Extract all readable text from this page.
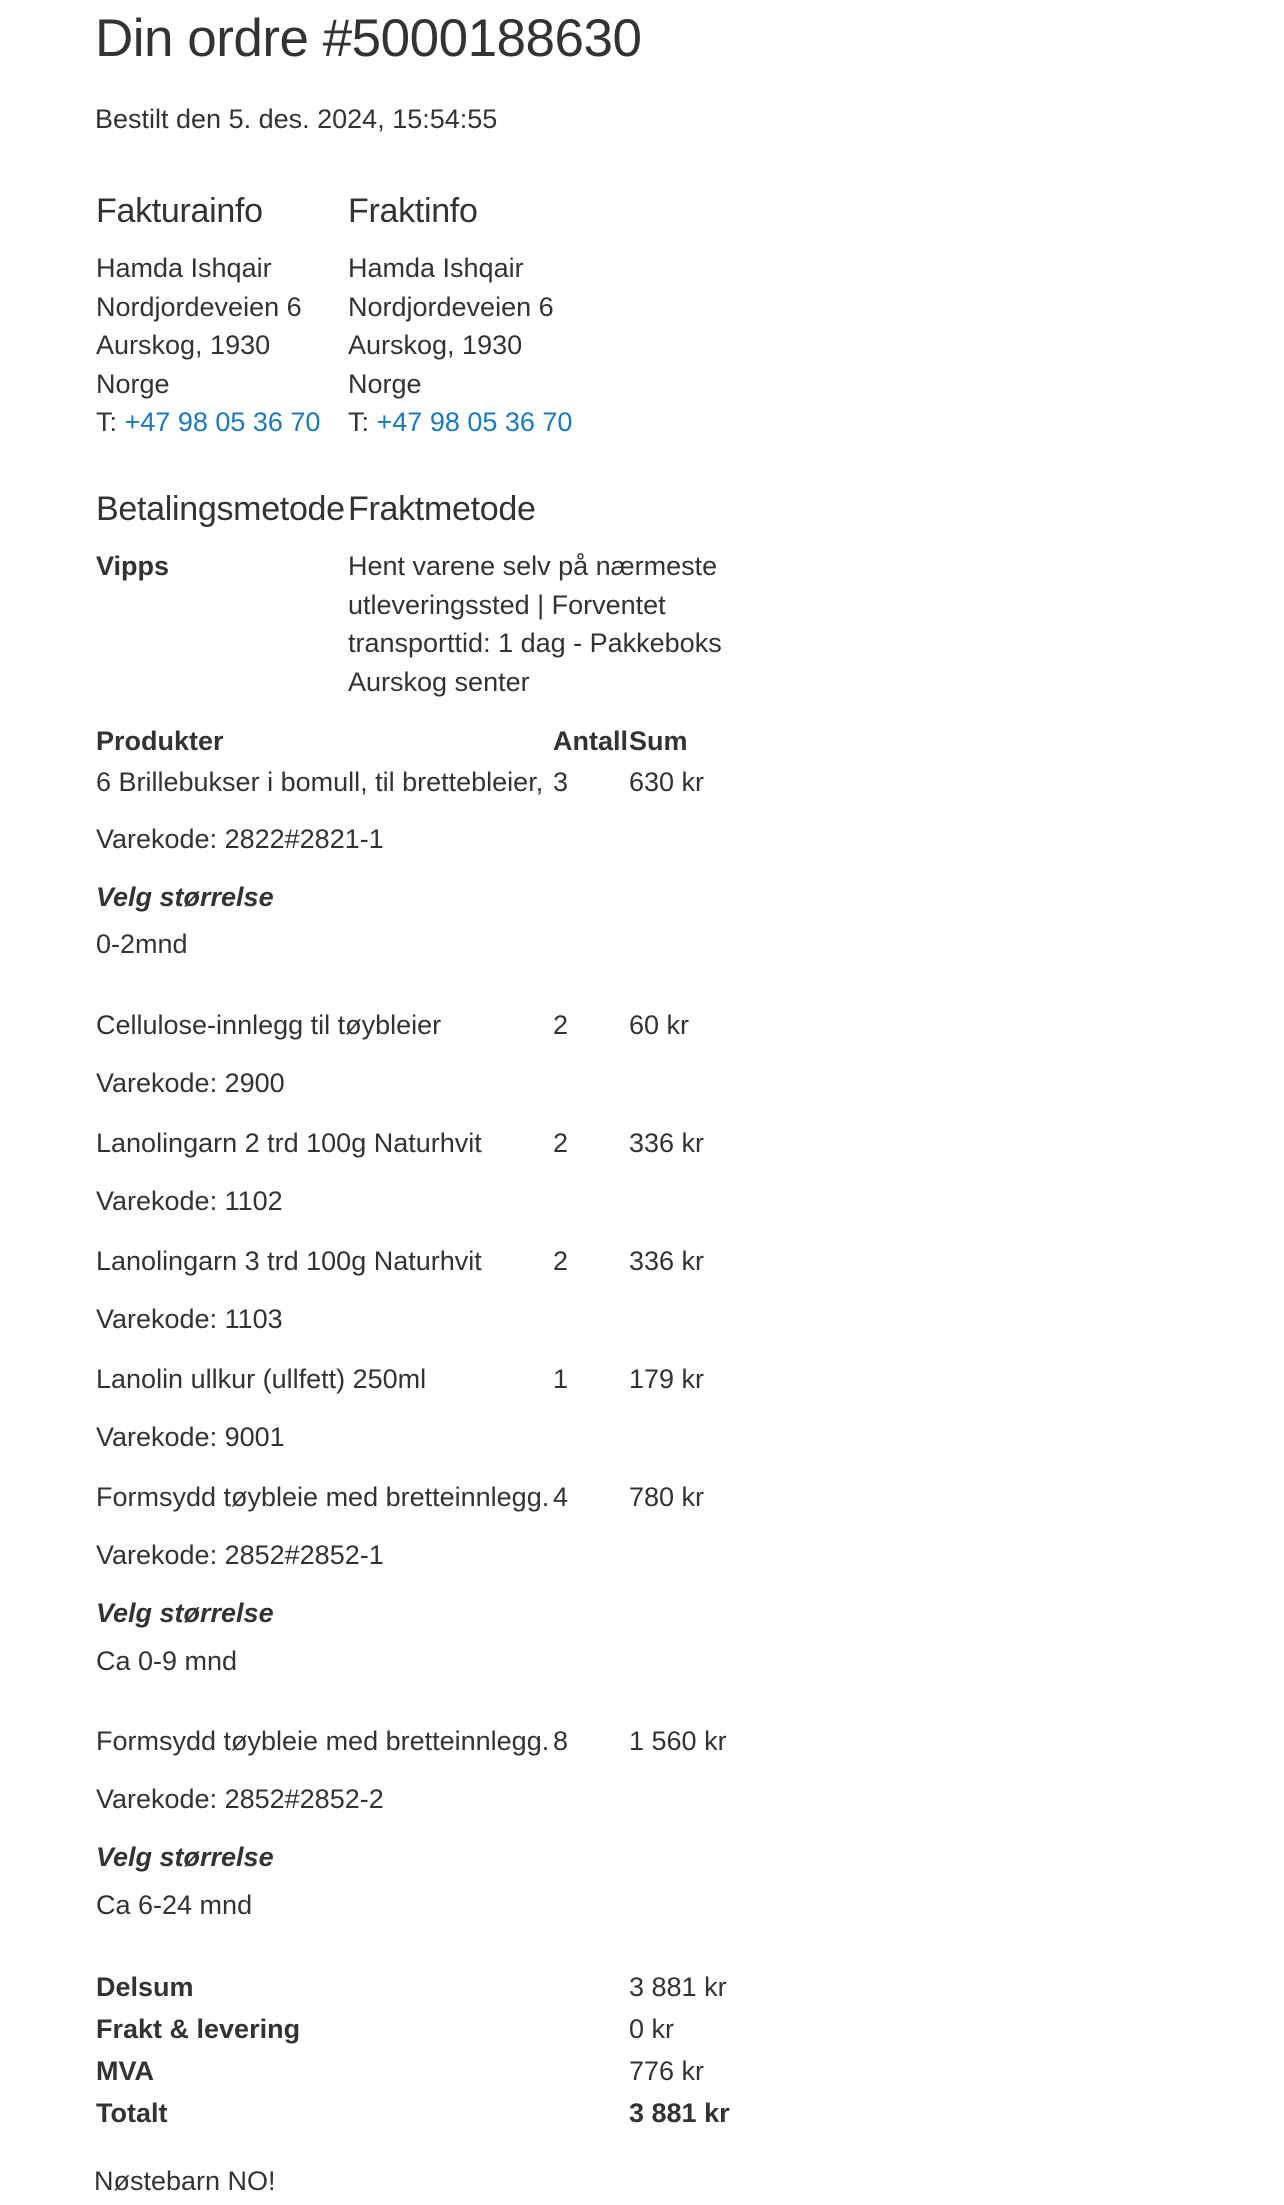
Din ordre #5000188630
Bestilt den 5. des. 2024, 15:54:55
Fakturainfo
Hamda Ishqair
Nordjordeveien 6
Aurskog, 1930
Norge
T: +47 98 05 36 70
Fraktinfo
Hamda Ishqair
Nordjordeveien 6
Aurskog, 1930
Norge
T: +47 98 05 36 70
Betalingsmetode
Vipps
Fraktmetode
Hent varene selv på nærmeste
utleveringssted | Forventet
transporttid: 1 dag - Pakkeboks
Aurskog senter
Produkter	Antall Sum
6 Brillebukser i bomull, til brettebleier, 3 630 kr
Varekode: 2822#2821-1
Velg størrelse
0-2mnd
Cellulose-innlegg til tøybleier	2 60 kr
Varekode: 2900
Lanolingarn 2 trd 100g Naturhvit	2 336 kr
Varekode: 1102
Lanolingarn 3 trd 100g Naturhvit	2 336 kr
Varekode: 1103
Lanolin ullkur (ullfett) 250ml	1 179 kr
Varekode: 9001
Formsydd tøybleie med bretteinnlegg. 4 780 kr
Varekode: 2852#2852-1
Velg størrelse
Ca 0-9 mnd
Formsydd tøybleie med bretteinnlegg. 8 1 560 kr
Varekode: 2852#2852-2
Velg størrelse
Ca 6-24 mnd
Delsum	3 881 kr
Frakt & levering	0 kr
MVA	776 kr
Totalt	3 881 kr
Nøstebarn NO!
